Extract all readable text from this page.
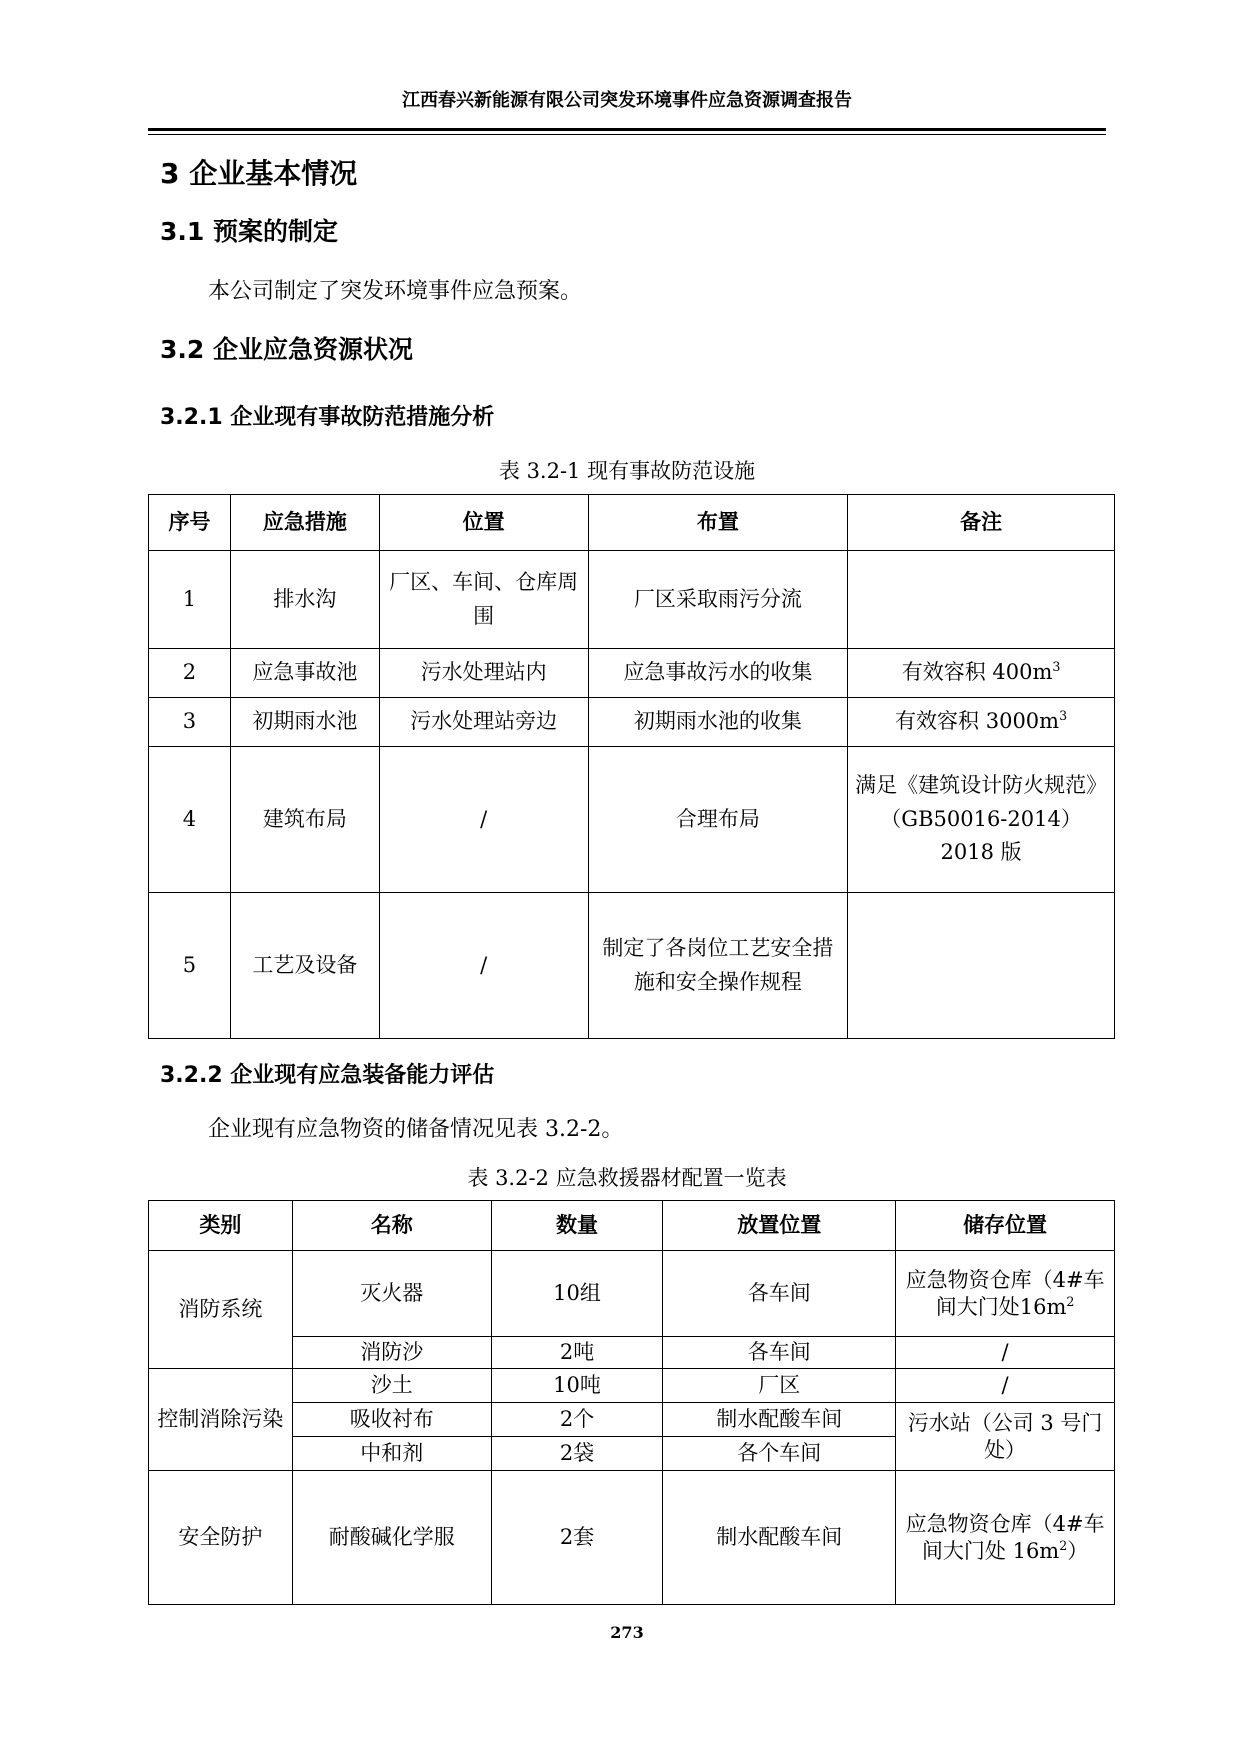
江西春兴新能源有限公司突发环境事件应急资源调查报告
3 企业基本情况
3.1 预案的制定
本公司制定了突发环境事件应急预案。
3.2 企业应急资源状况
3.2.1 企业现有事故防范措施分析
表 3.2-1 现有事故防范设施
序号	应急措施	位置	布置	备注
1	排水沟	厂区、车间、仓库周围	厂区采取雨污分流	
2	应急事故池	污水处理站内	应急事故污水的收集	有效容积 $400m^3$
3	初期雨水池	污水处理站旁边	初期雨水池的收集	有效容积 $3000m^3$
4	建筑布局	/	合理布局	满足《建筑设计防火规范》（GB50016-2014）2018 版
5	工艺及设备	/	制定了各岗位工艺安全措施和安全操作规程	
3.2.2 企业现有应急装备能力评估
企业现有应急物资的储备情况见表 3.2-2。
表 3.2-2 应急救援器材配置一览表
类别	名称	数量	放置位置	储存位置
消防系统	灭火器	10组	各车间	应急物资仓库（4#车间大门处$16m^2$
	消防沙	2吨	各车间	/
控制消除污染	沙土	10吨	厂区	/
	吸收衬布	2个	制水配酸车间	污水站（公司 3 号门处）
	中和剂	2袋	各个车间	
安全防护	耐酸碱化学服	2套	制水配酸车间	应急物资仓库（4#车间大门处 $16m^2$）
273
